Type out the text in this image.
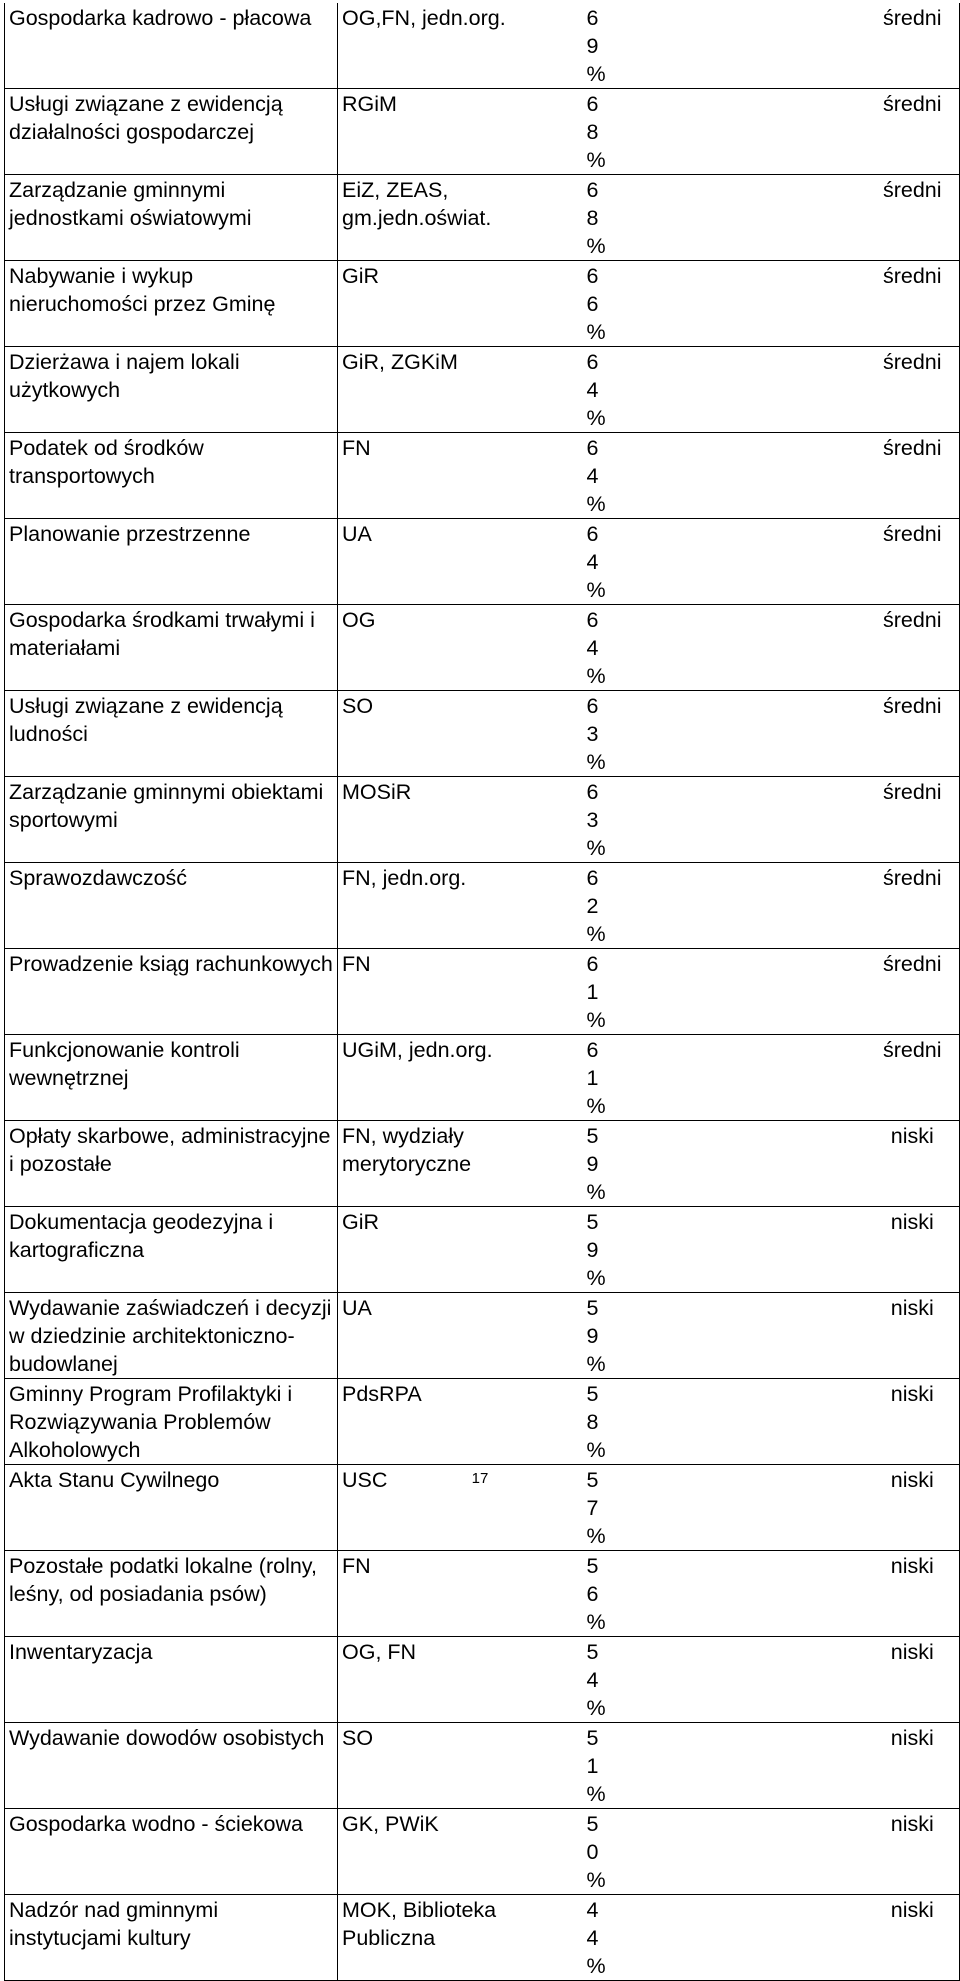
Gospodarka kadrowo - płacowa	OG,FN, jedn.org.	69%	średni
Usługi związane z ewidencją działalności gospodarczej	RGiM	68%	średni
Zarządzanie gminnymi jednostkami oświatowymi	EiZ, ZEAS, gm.jedn.oświat.	68%	średni
Nabywanie i wykup nieruchomości przez Gminę	GiR	66%	średni
Dzierżawa i najem lokali użytkowych	GiR, ZGKiM	64%	średni
Podatek od środków transportowych	FN	64%	średni
Planowanie przestrzenne	UA	64%	średni
Gospodarka środkami trwałymi i materiałami	OG	64%	średni
Usługi związane z ewidencją ludności	SO	63%	średni
Zarządzanie gminnymi obiektami sportowymi	MOSiR	63%	średni
Sprawozdawczość	FN, jedn.org.	62%	średni
Prowadzenie ksiąg rachunkowych	FN	61%	średni
Funkcjonowanie kontroli wewnętrznej	UGiM, jedn.org.	61%	średni
Opłaty skarbowe, administracyjne i pozostałe	FN, wydziały merytoryczne	59%	niski
Dokumentacja geodezyjna i kartograficzna	GiR	59%	niski
Wydawanie zaświadczeń i decyzji w dziedzinie architektoniczno-budowlanej	UA	59%	niski
Gminny Program Profilaktyki i Rozwiązywania Problemów Alkoholowych	PdsRPA	58%	niski
Akta Stanu Cywilnego	USC	57%	niski
Pozostałe podatki lokalne (rolny, leśny, od posiadania psów)	FN	56%	niski
Inwentaryzacja	OG, FN	54%	niski
Wydawanie dowodów osobistych	SO	51%	niski
Gospodarka wodno - ściekowa	GK, PWiK	50%	niski
Nadzór nad gminnymi instytucjami kultury	MOK, Biblioteka Publiczna	44%	niski
17
